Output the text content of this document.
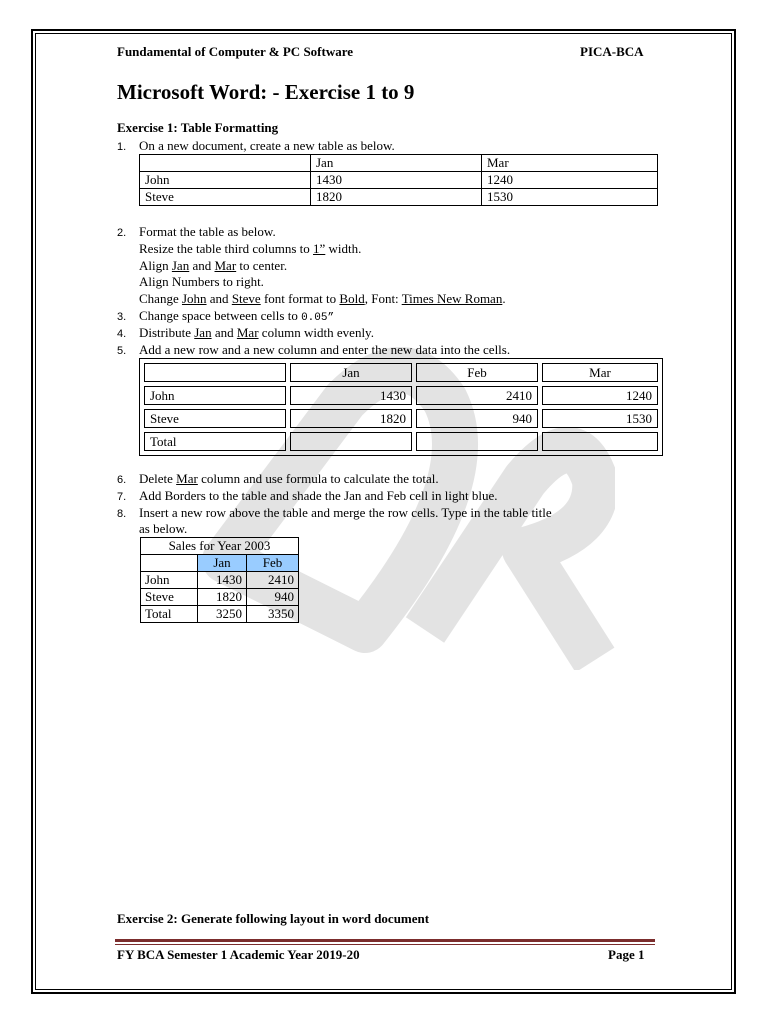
Fundamental of Computer & PC Software	PICA-BCA
Microsoft Word: - Exercise 1 to 9
Exercise 1: Table Formatting
1. On a new document, create a new table as below.
	Jan	Mar
John	1430	1240
Steve	1820	1530
2. Format the table as below.
Resize the table third columns to 1” width.
Align Jan and Mar to center.
Align Numbers to right.
Change John and Steve font format to Bold, Font: Times New Roman.
3. Change space between cells to 0.05”
4. Distribute Jan and Mar column width evenly.
5. Add a new row and a new column and enter the new data into the cells.
	Jan	Feb	Mar
John	1430	2410	1240
Steve	1820	940	1530
Total			
6. Delete Mar column and use formula to calculate the total.
7. Add Borders to the table and shade the Jan and Feb cell in light blue.
8. Insert a new row above the table and merge the row cells. Type in the table title
as below.
Sales for Year 2003		
	Jan	Feb
John	1430	2410
Steve	1820	940
Total	3250	3350
Exercise 2: Generate following layout in word document
FY BCA Semester 1 Academic Year 2019-20	Page 1
